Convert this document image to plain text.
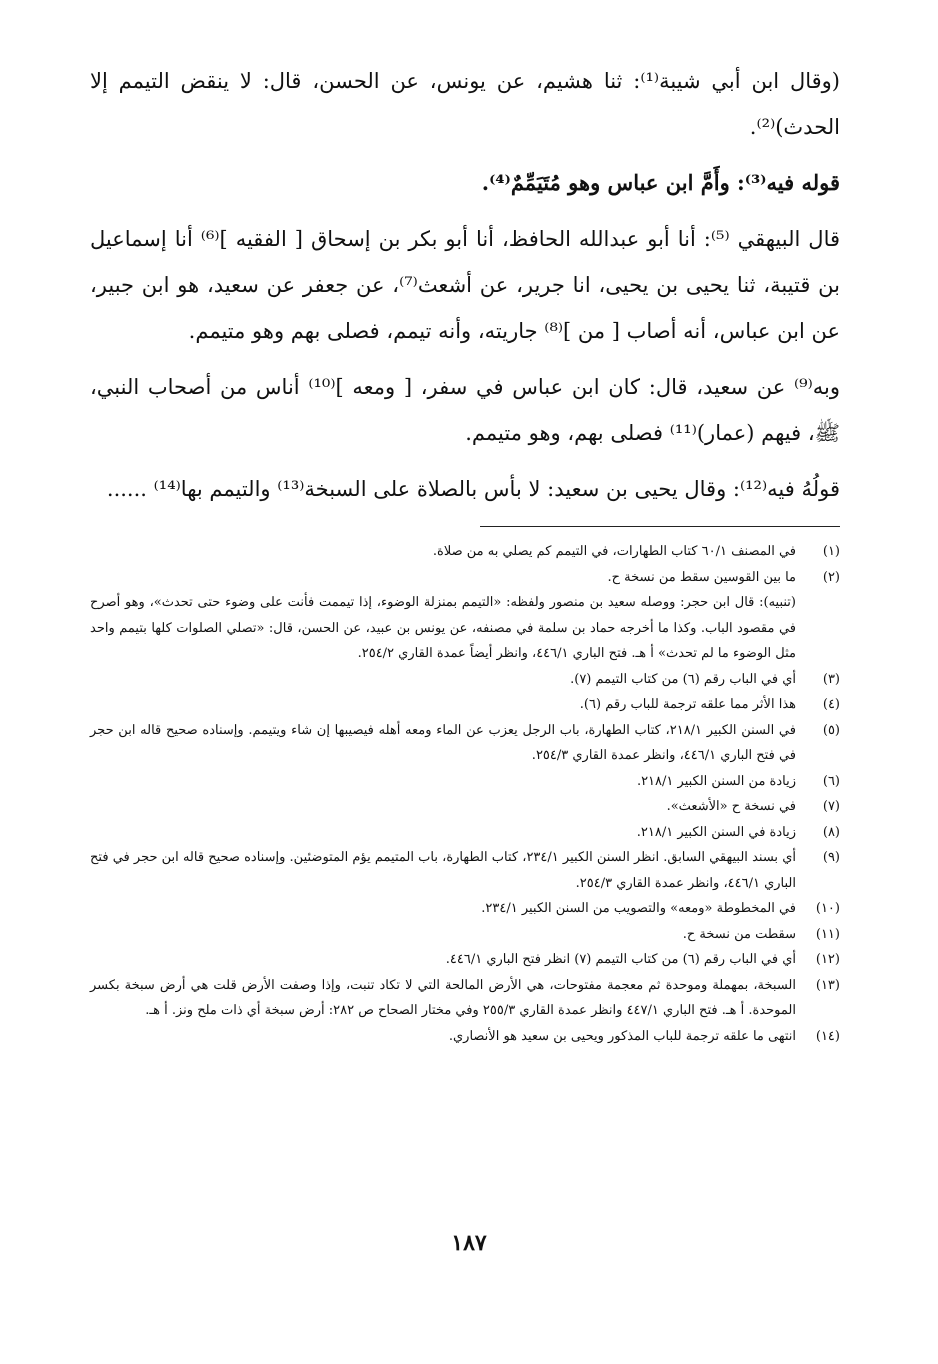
(وقال ابن أبي شيبة⁽¹⁾: ثنا هشيم، عن يونس، عن الحسن، قال: لا ينقض التيمم إلا الحدث)⁽²⁾.

قوله فيه⁽³⁾: وأَمَّ ابن عباس وهو مُتَيَمِّمٌ⁽⁴⁾.

قال البيهقي ⁽⁵⁾: أنا أبو عبدالله الحافظ، أنا أبو بكر بن إسحاق [ الفقيه ]⁽⁶⁾ أنا إسماعيل بن قتيبة، ثنا يحيى بن يحيى، انا جرير، عن أشعث⁽⁷⁾، عن جعفر عن سعيد، هو ابن جبير، عن ابن عباس، أنه أصاب [ من ]⁽⁸⁾ جاريته، وأنه تيمم، فصلى بهم وهو متيمم.

وبه⁽⁹⁾ عن سعيد، قال: كان ابن عباس في سفر، [ ومعه ]⁽¹⁰⁾ أناس من أصحاب النبي، ﷺ، فيهم (عمار)⁽¹¹⁾ فصلى بهم، وهو متيمم.

قولُهُ فيه⁽¹²⁾: وقال يحيى بن سعيد: لا بأس بالصلاة على السبخة⁽¹³⁾ والتيمم بها⁽¹⁴⁾ ......

(١)
في المصنف ٦٠/١ كتاب الطهارات، في التيمم كم يصلي به من صلاة.
(٢)
ما بين القوسين سقط من نسخة ح.
(تنبيه): قال ابن حجر: ووصله سعيد بن منصور ولفظه: «التيمم بمنزلة الوضوء، إذا تيممت فأنت على وضوء حتى تحدث»، وهو أصرح في مقصود الباب. وكذا ما أخرجه حماد بن سلمة في مصنفه، عن يونس بن عبيد، عن الحسن، قال: «تصلي الصلوات كلها بتيمم واحد مثل الوضوء ما لم تحدث» أ هـ. فتح الباري ٤٤٦/١، وانظر أيضاً عمدة القاري ٢٥٤/٢.
(٣)
أي في الباب رقم (٦) من كتاب التيمم (٧).
(٤)
هذا الأثر مما علقه ترجمة للباب رقم (٦).
(٥)
في السنن الكبير ٢١٨/١، كتاب الطهارة، باب الرجل يعزب عن الماء ومعه أهله فيصيبها إن شاء ويتيمم. وإسناده صحيح قاله ابن حجر في فتح الباري ٤٤٦/١، وانظر عمدة القاري ٢٥٤/٣.
(٦)
زيادة من السنن الكبير ٢١٨/١.
(٧)
في نسخة ح «الأشعث».
(٨)
زيادة في السنن الكبير ٢١٨/١.
(٩)
أي بسند البيهقي السابق. انظر السنن الكبير ٢٣٤/١، كتاب الطهارة، باب المتيمم يؤم المتوضئين. وإسناده صحيح قاله ابن حجر في فتح الباري ٤٤٦/١، وانظر عمدة القاري ٢٥٤/٣.
(١٠)
في المخطوطة «ومعه» والتصويب من السنن الكبير ٢٣٤/١.
(١١)
سقطت من نسخة ح.
(١٢)
أي في الباب رقم (٦) من كتاب التيمم (٧) انظر فتح الباري ٤٤٦/١.
(١٣)
السبخة، بمهملة وموحدة ثم معجمة مفتوحات، هي الأرض المالحة التي لا تكاد تنبت، وإذا وصفت الأرض قلت هي أرض سبخة بكسر الموحدة. أ هـ. فتح الباري ٤٤٧/١ وانظر عمدة القاري ٢٥٥/٣ وفي مختار الصحاح ص ٢٨٢: أرض سبخة أي ذات ملح ونز. أ هـ.
(١٤)
انتهى ما علقه ترجمة للباب المذكور ويحيى بن سعيد هو الأنصاري.
١٨٧
